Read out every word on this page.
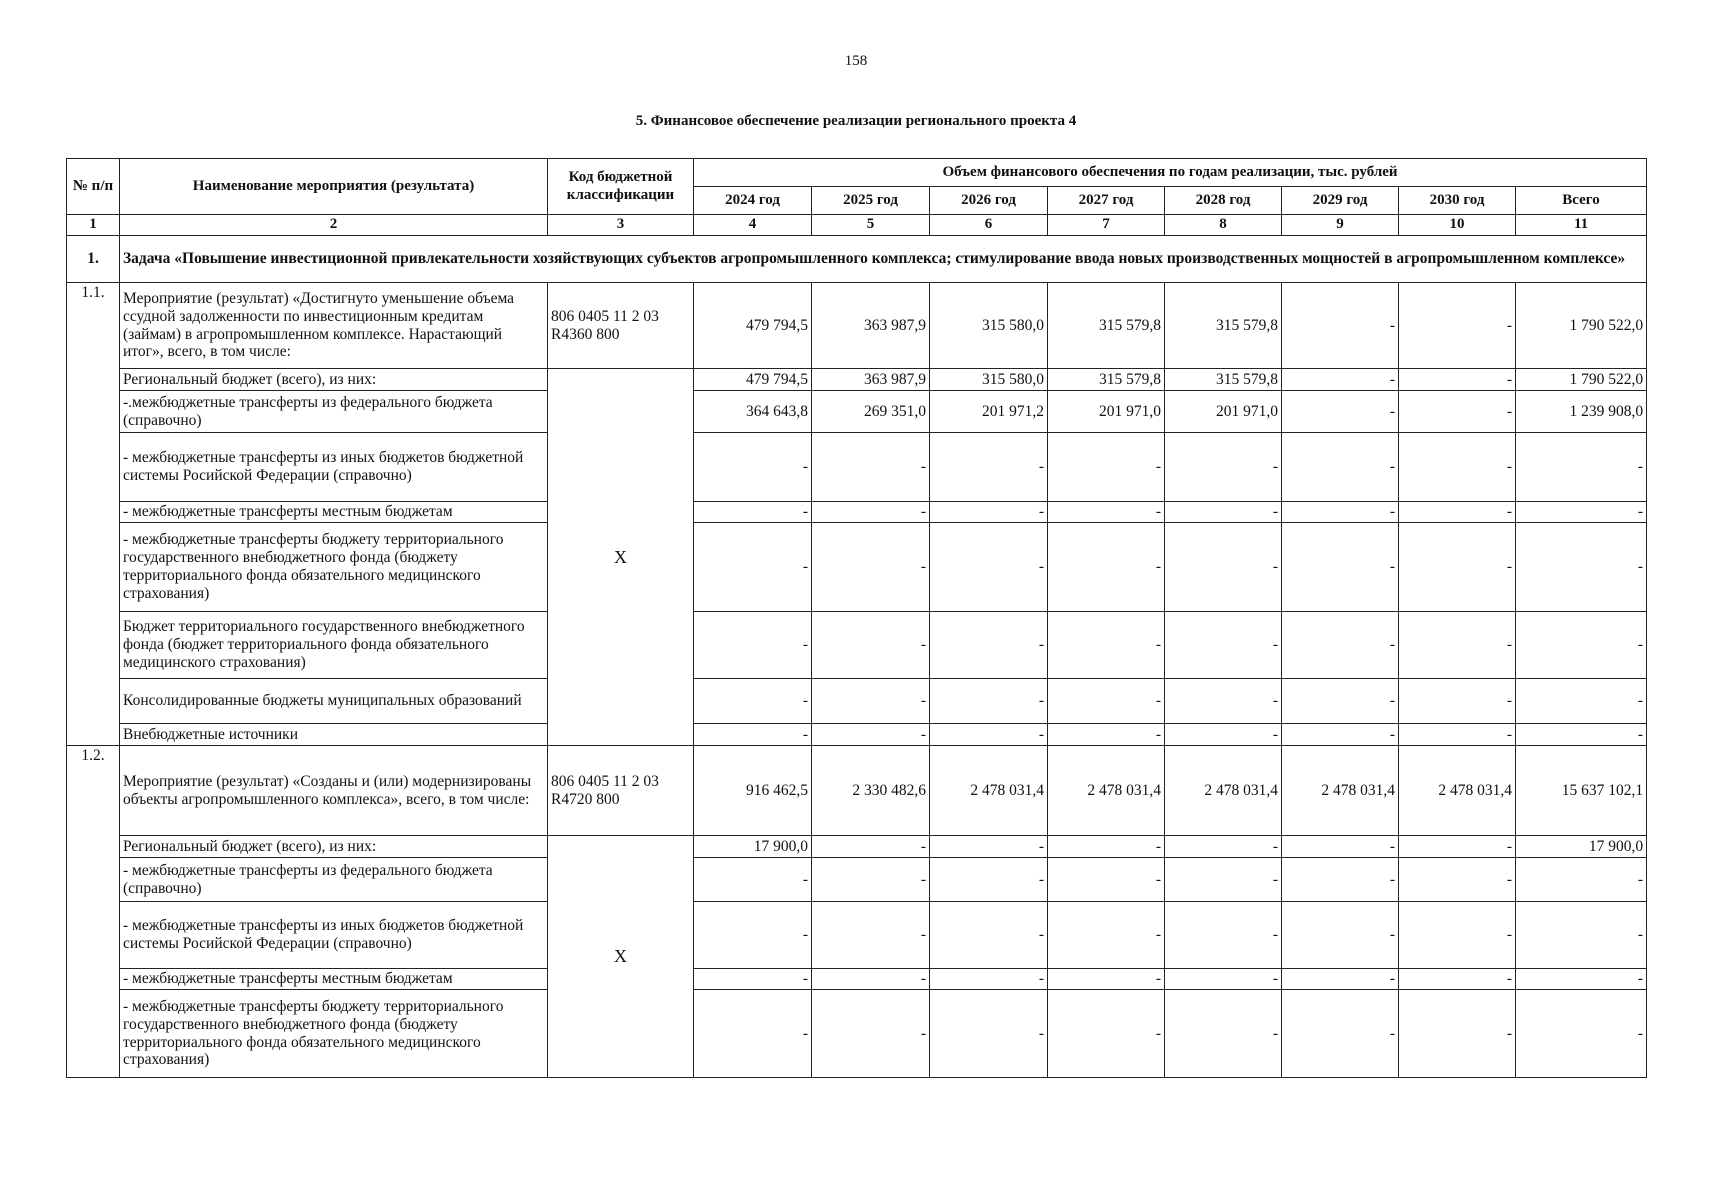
158
5. Финансовое обеспечение реализации регионального проекта 4
№ п/п	Наименование мероприятия (результата)	Код бюджетной классификации	Объем финансового обеспечения по годам реализации, тыс. рублей							
			2024 год	2025 год	2026 год	2027 год	2028 год	2029 год	2030 год	Всего
1	2	3	4	5	6	7	8	9	10	11
1.	Задача «Повышение инвестиционной привлекательности хозяйствующих субъектов агропромышленного комплекса; стимулирование ввода новых производственных мощностей в агропромышленном комплексе»									
1.1.	Мероприятие (результат) «Достигнуто уменьшение объема ссудной задолженности по инвестиционным кредитам (займам) в агропромышленном комплексе. Нарастающий итог», всего, в том числе:	806 0405 11 2 03 R4360 800	479 794,5	363 987,9	315 580,0	315 579,8	315 579,8	-	-	1 790 522,0
	Региональный бюджет (всего), из них:	Х	479 794,5	363 987,9	315 580,0	315 579,8	315 579,8	-	-	1 790 522,0
	-.межбюджетные трансферты из федерального бюджета (справочно)		364 643,8	269 351,0	201 971,2	201 971,0	201 971,0	-	-	1 239 908,0
	- межбюджетные трансферты из иных бюджетов бюджетной системы Росийской Федерации (справочно)		-	-	-	-	-	-	-	-
	- межбюджетные трансферты местным бюджетам		-	-	-	-	-	-	-	-
	- межбюджетные трансферты бюджету территориального государственного внебюджетного фонда (бюджету территориального фонда обязательного медицинского страхования)		-	-	-	-	-	-	-	-
	Бюджет территориального государственного внебюджетного фонда (бюджет территориального фонда обязательного медицинского страхования)		-	-	-	-	-	-	-	-
	Консолидированные бюджеты муниципальных образований		-	-	-	-	-	-	-	-
	Внебюджетные источники		-	-	-	-	-	-	-	-
1.2.	Мероприятие (результат) «Созданы и (или) модернизированы объекты агропромышленного комплекса», всего, в том числе:	806 0405 11 2 03 R4720 800	916 462,5	2 330 482,6	2 478 031,4	2 478 031,4	2 478 031,4	2 478 031,4	2 478 031,4	15 637 102,1
	Региональный бюджет (всего), из них:	Х	17 900,0	-	-	-	-	-	-	17 900,0
	- межбюджетные трансферты из федерального бюджета (справочно)		-	-	-	-	-	-	-	-
	- межбюджетные трансферты из иных бюджетов бюджетной системы Росийской Федерации (справочно)		-	-	-	-	-	-	-	-
	- межбюджетные трансферты местным бюджетам		-	-	-	-	-	-	-	-
	- межбюджетные трансферты бюджету территориального государственного внебюджетного фонда (бюджету территориального фонда обязательного медицинского страхования)		-	-	-	-	-	-	-	-
